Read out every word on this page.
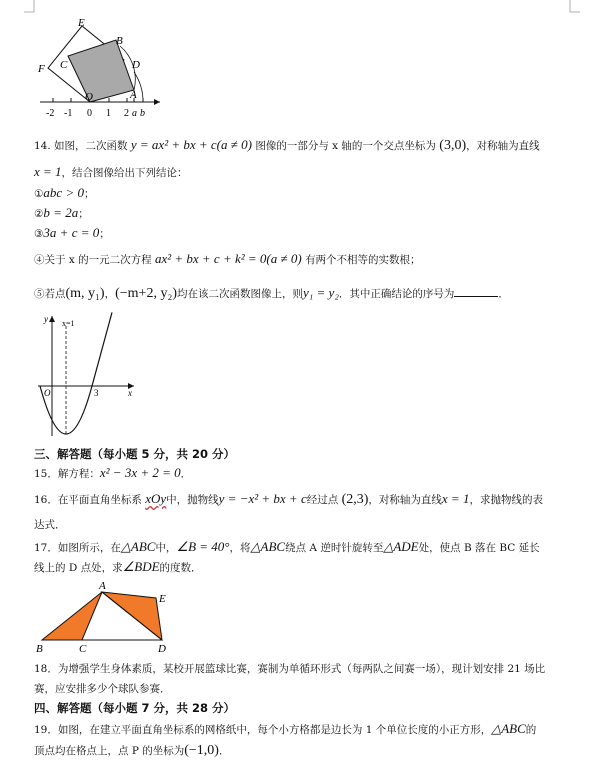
E
B
F C	D
O	A
-2 -1 0 1 2 a b
14. 如图，二次函数 y = ax² + bx + c(a ≠ 0) 图像的一部分与 x 轴的一个交点坐标为 (3,0)，对称轴为直线
x = 1，结合图像给出下列结论：
①abc > 0；
②b = 2a；
③3a + c = 0；
④关于 x 的一元二次方程 ax² + bx + c + k² = 0(a ≠ 0) 有两个不相等的实数根；
⑤若点(m, y₁)，(−m+2, y₂)均在该二次函数图像上，则y₁ = y₂．其中正确结论的序号为	．
y
x
O	3
x=1
三、解答题（每小题 5 分，共 20 分）
15．解方程：x² − 3x + 2 = 0．
16．在平面直角坐标系 xOy中，抛物线y = −x² + bx + c经过点 (2,3)，对称轴为直线x = 1，求抛物线的表
达式．
17．如图所示，在△ABC中，∠B = 40°，将△ABC绕点 A 逆时针旋转至△ADE处，使点 B 落在 BC 延长
线上的 D 点处，求∠BDE的度数．
A
E
B	C	D
18．为增强学生身体素质，某校开展篮球比赛，赛制为单循环形式（每两队之间赛一场），现计划安排 21 场比
赛，应安排多少个球队参赛．
四、解答题（每小题 7 分，共 28 分）
19．如图，在建立平面直角坐标系的网格纸中，每个小方格都是边长为 1 个单位长度的小正方形，△ABC的
顶点均在格点上，点 P 的坐标为(−1,0)．
